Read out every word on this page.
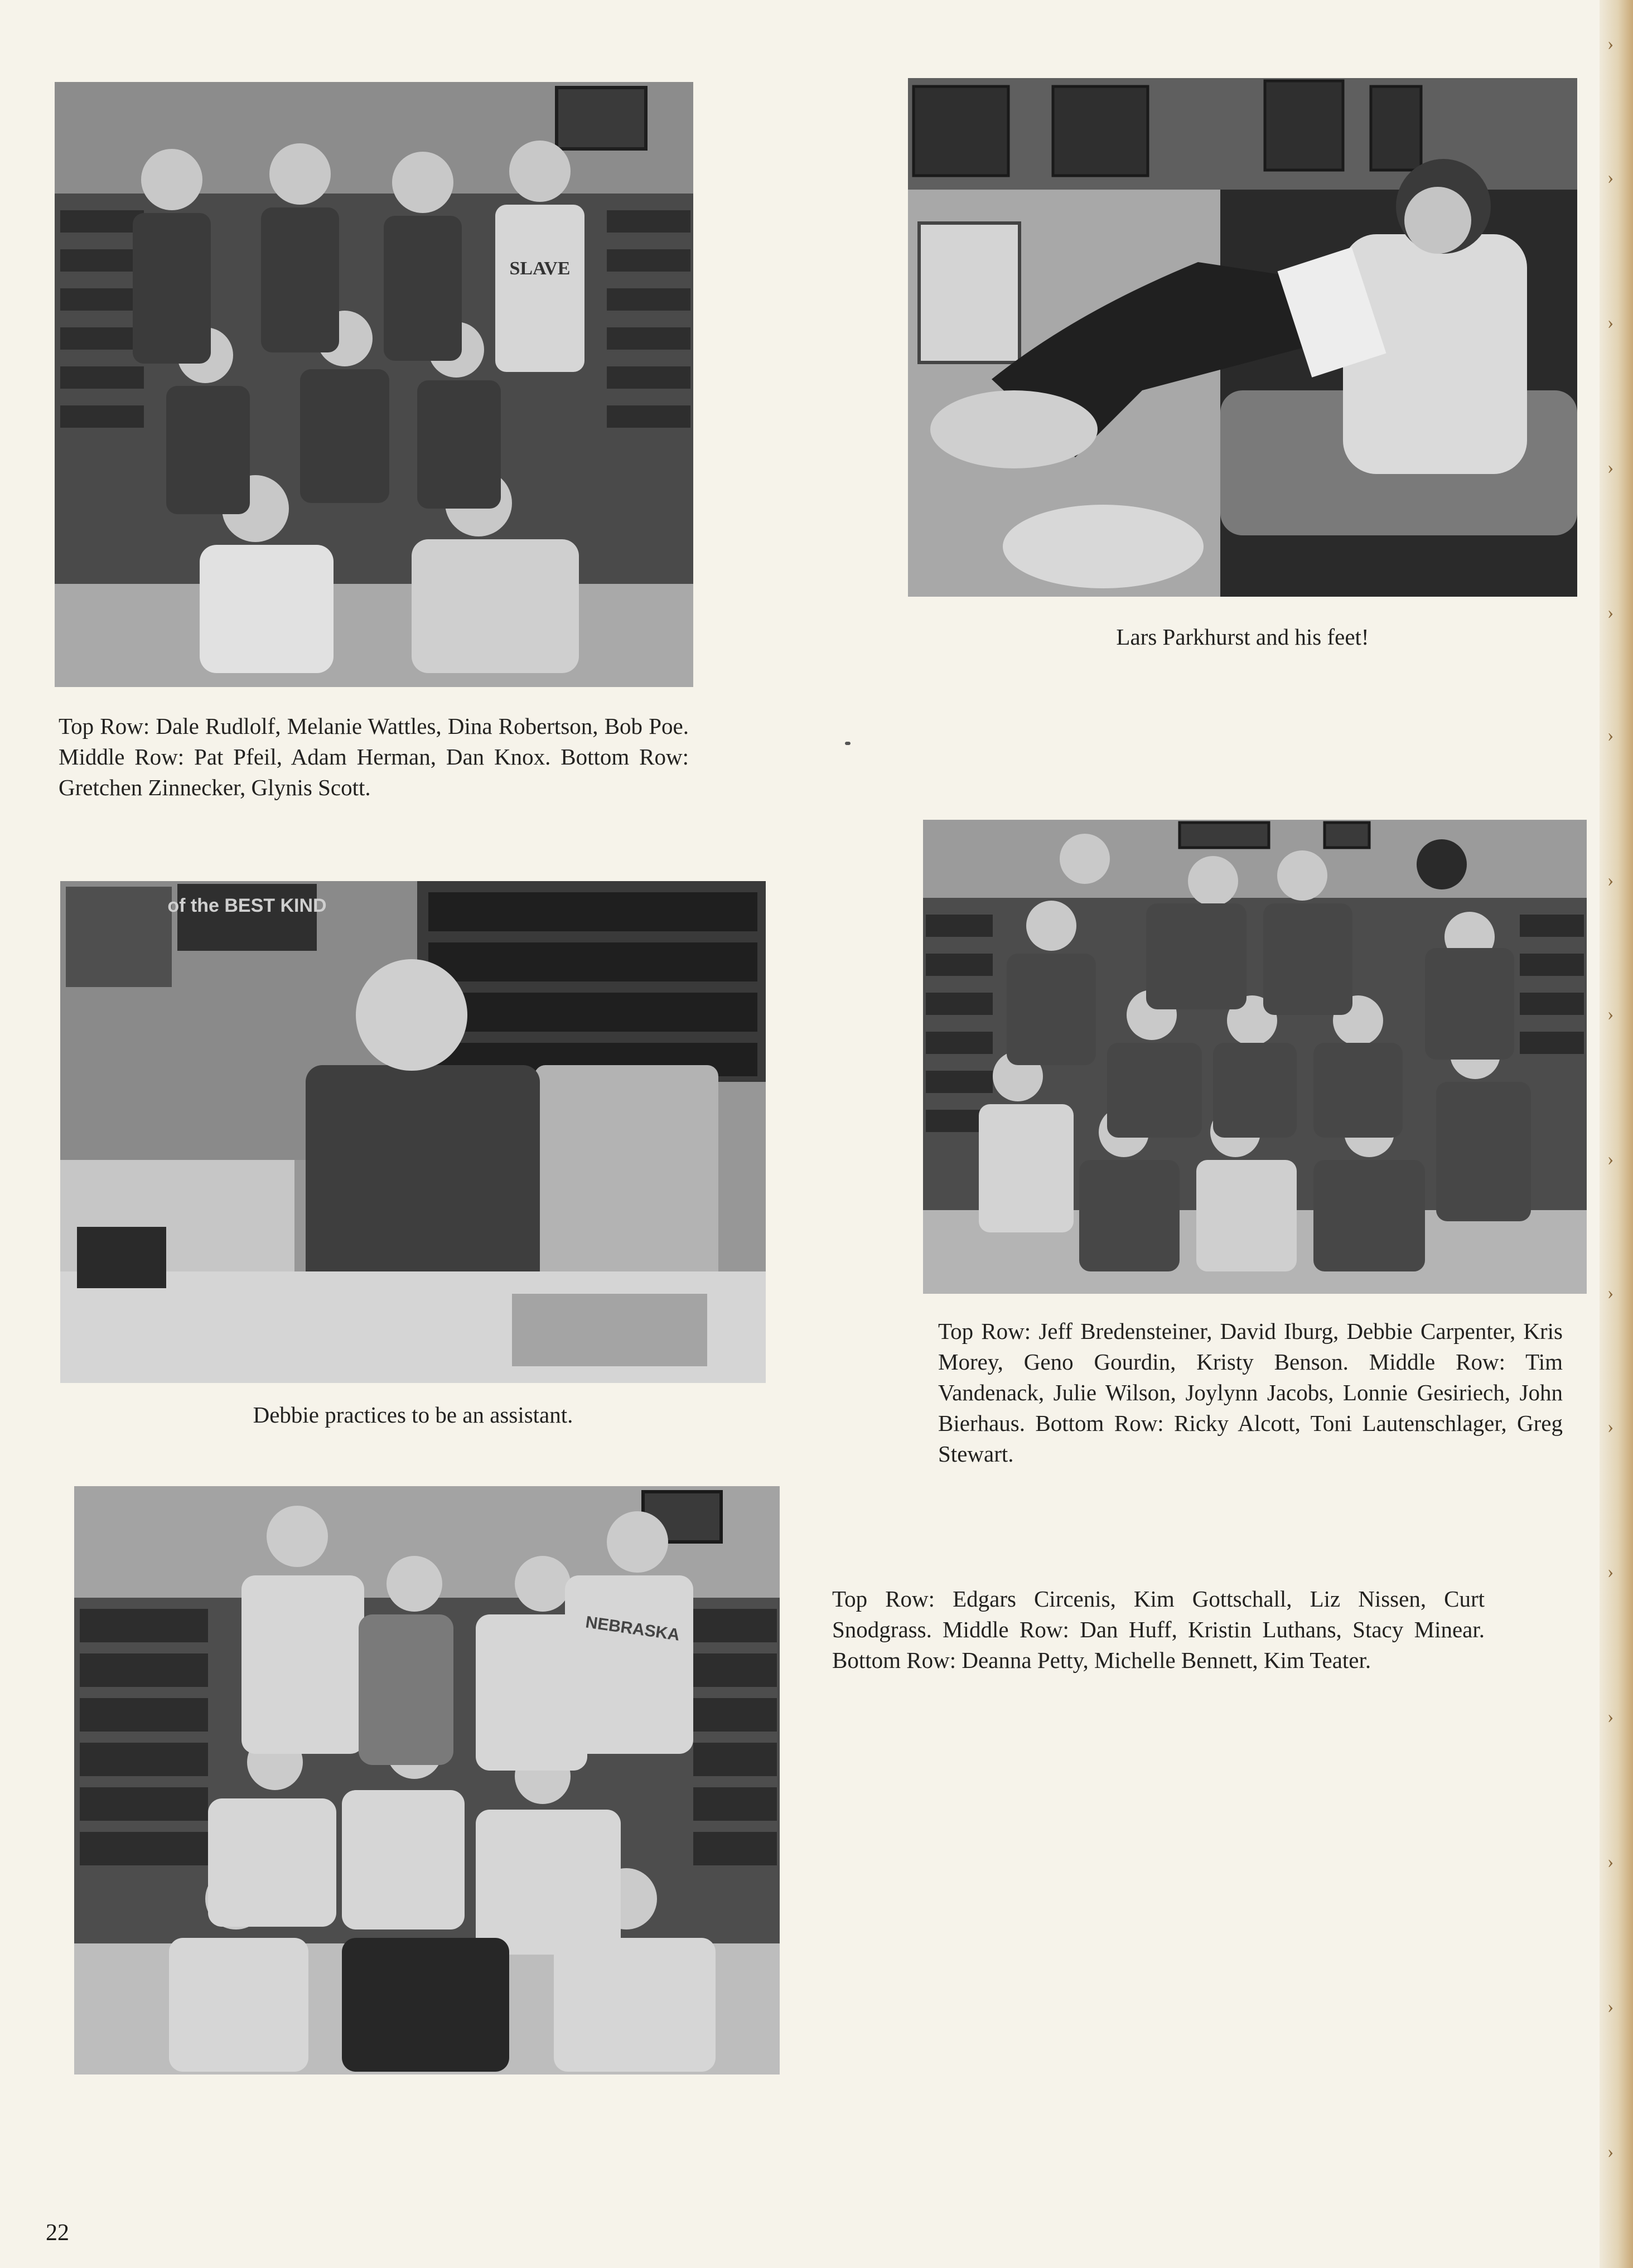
›
›
›
›
›
›
›
›
›
›
›
›
›
›
›
›
SLAVE
Top Row: Dale Rudlolf, Melanie Wattles, Dina Robertson, Bob Poe. Middle Row: Pat Pfeil, Adam Herman, Dan Knox. Bottom Row: Gretchen Zinnecker, Glynis Scott.
Lars Parkhurst and his feet!
of the BEST KIND
Debbie practices to be an assistant.
Top Row: Jeff Bredensteiner, David Iburg, Debbie Carpenter, Kris Morey, Geno Gourdin, Kristy Benson. Middle Row: Tim Vandenack, Julie Wilson, Joylynn Jacobs, Lonnie Gesiriech, John Bierhaus. Bottom Row: Ricky Alcott, Toni Lautenschlager, Greg Stewart.
NEBRASKA
Top Row: Edgars Circenis, Kim Gottschall, Liz Nissen, Curt Snodgrass. Middle Row: Dan Huff, Kristin Luthans, Stacy Minear. Bottom Row: Deanna Petty, Michelle Bennett, Kim Teater.
22
